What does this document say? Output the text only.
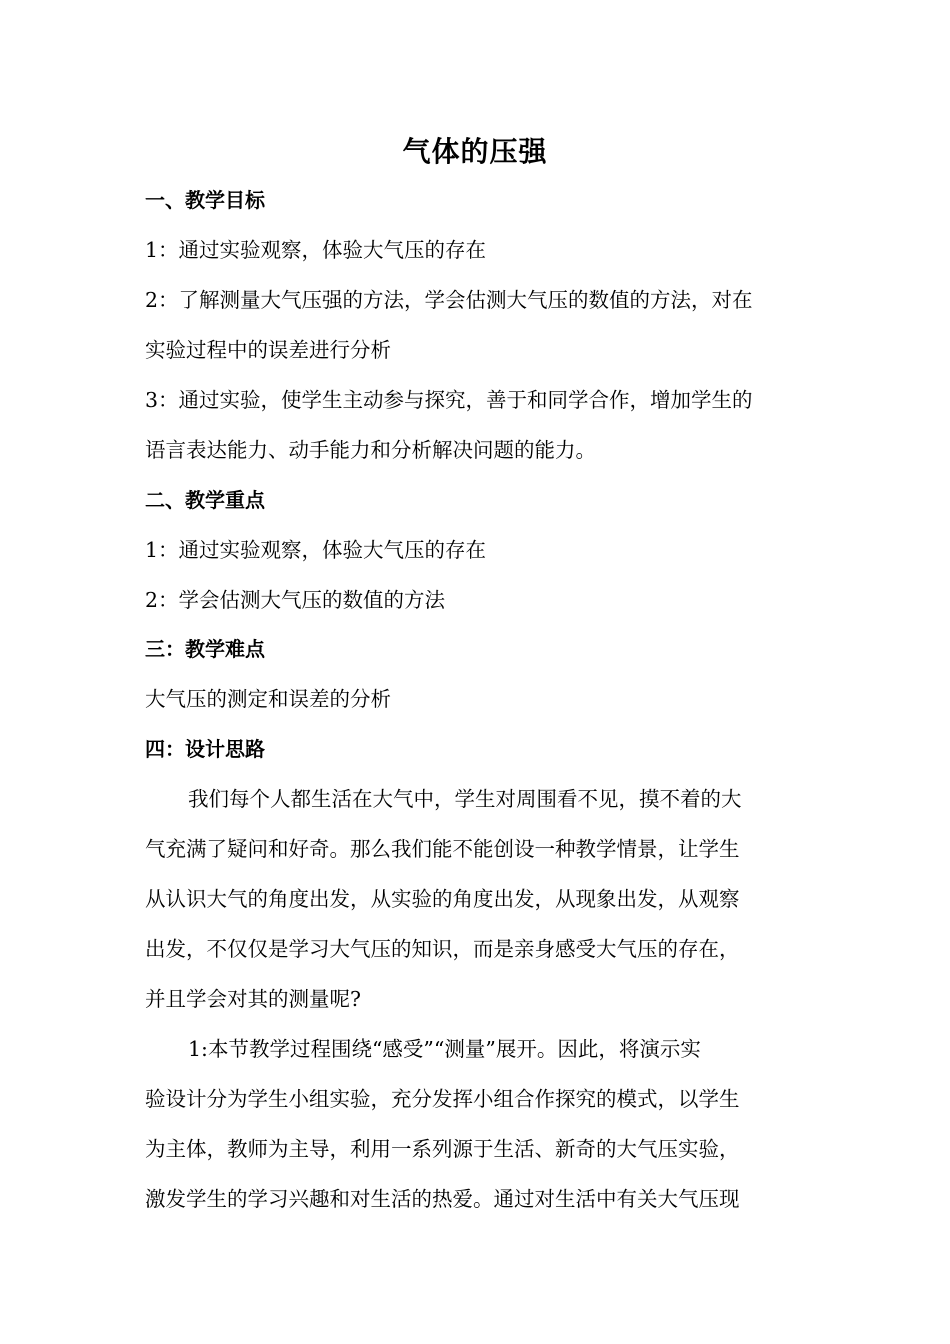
气体的压强
一、教学目标
1：通过实验观察，体验大气压的存在
2：了解测量大气压强的方法，学会估测大气压的数值的方法，对在
实验过程中的误差进行分析
3：通过实验，使学生主动参与探究，善于和同学合作，增加学生的
语言表达能力、动手能力和分析解决问题的能力。
二、教学重点
1：通过实验观察，体验大气压的存在
2：学会估测大气压的数值的方法
三：教学难点
大气压的测定和误差的分析
四：设计思路
我们每个人都生活在大气中，学生对周围看不见，摸不着的大
气充满了疑问和好奇。那么我们能不能创设一种教学情景，让学生
从认识大气的角度出发，从实验的角度出发，从现象出发，从观察
出发，不仅仅是学习大气压的知识，而是亲身感受大气压的存在，
并且学会对其的测量呢?
1:本节教学过程围绕“感受”“测量”展开。因此，将演示实
验设计分为学生小组实验，充分发挥小组合作探究的模式，以学生
为主体，教师为主导，利用一系列源于生活、新奇的大气压实验，
激发学生的学习兴趣和对生活的热爱。通过对生活中有关大气压现
